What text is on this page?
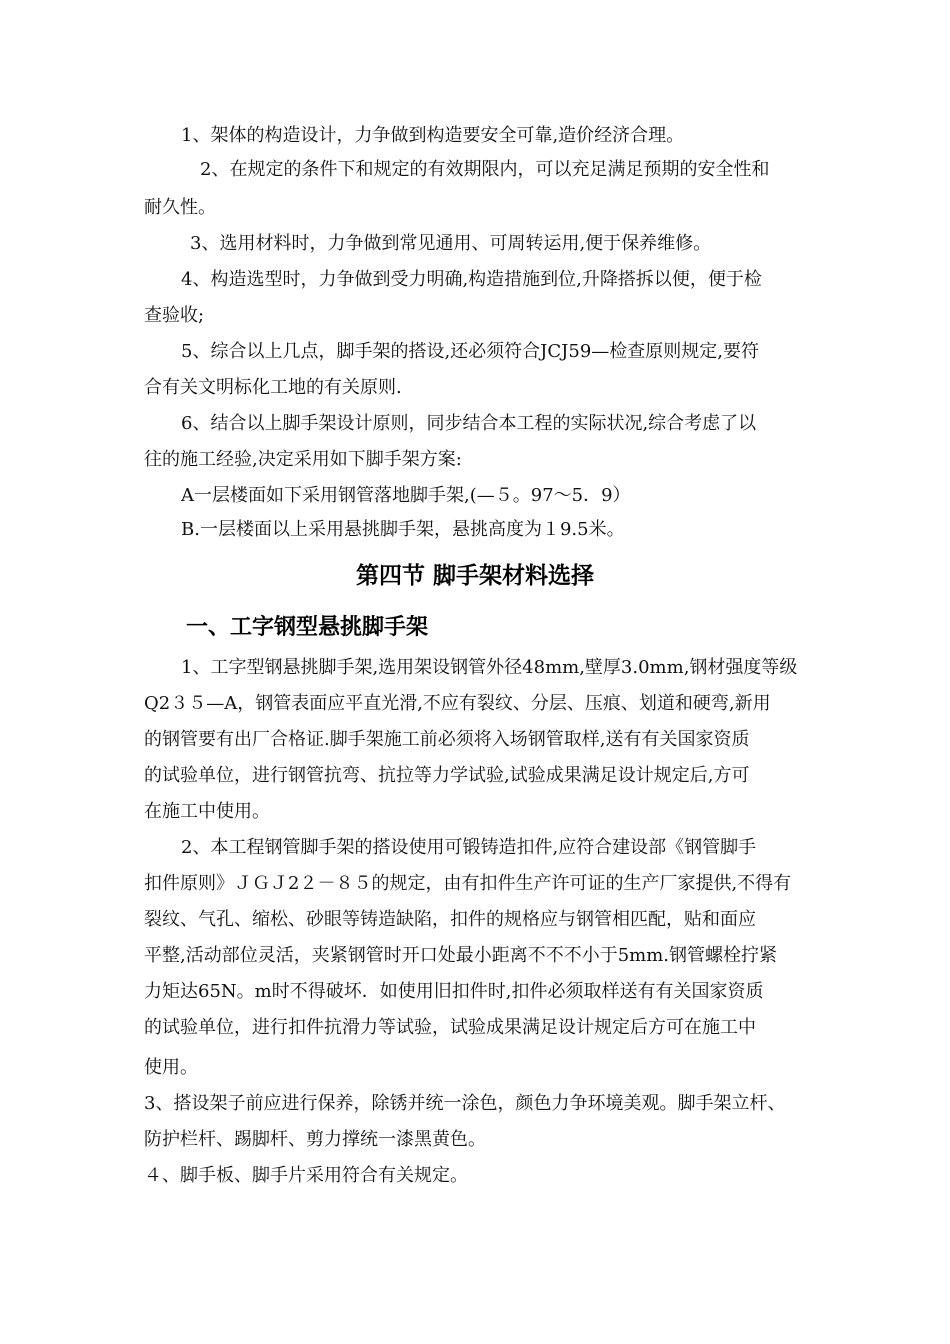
1、架体的构造设计，力争做到构造要安全可靠,造价经济合理。
2、在规定的条件下和规定的有效期限内，可以充足满足预期的安全性和
耐久性。
3、选用材料时，力争做到常见通用、可周转运用,便于保养维修。
4、构造选型时，力争做到受力明确,构造措施到位,升降搭拆以便，便于检
查验收;
5、综合以上几点，脚手架的搭设,还必须符合JCJ59—检查原则规定,要符
合有关文明标化工地的有关原则.
6、结合以上脚手架设计原则，同步结合本工程的实际状况,综合考虑了以
往的施工经验,决定采用如下脚手架方案:
A一层楼面如下采用钢管落地脚手架,(—５。97～5．9）
B.一层楼面以上采用悬挑脚手架，悬挑高度为１9.5米。
第四节 脚手架材料选择
一、工字钢型悬挑脚手架
1、工字型钢悬挑脚手架,选用架设钢管外径48mm,壁厚3.0mm,钢材强度等级
Q2３５—A，钢管表面应平直光滑,不应有裂纹、分层、压痕、划道和硬弯,新用
的钢管要有出厂合格证.脚手架施工前必须将入场钢管取样,送有有关国家资质
的试验单位，进行钢管抗弯、抗拉等力学试验,试验成果满足设计规定后,方可
在施工中使用。
2、本工程钢管脚手架的搭设使用可锻铸造扣件,应符合建设部《钢管脚手
扣件原则》ＪＧＪ2２－８５的规定，由有扣件生产许可证的生产厂家提供,不得有
裂纹、气孔、缩松、砂眼等铸造缺陷，扣件的规格应与钢管相匹配，贴和面应
平整,活动部位灵活，夹紧钢管时开口处最小距离不不不小于5mm.钢管螺栓拧紧
力矩达65N。m时不得破坏．如使用旧扣件时,扣件必须取样送有有关国家资质
的试验单位，进行扣件抗滑力等试验，试验成果满足设计规定后方可在施工中
使用。
3、搭设架子前应进行保养，除锈并统一涂色，颜色力争环境美观。脚手架立杆、
防护栏杆、踢脚杆、剪力撑统一漆黑黄色。
４、脚手板、脚手片采用符合有关规定。
